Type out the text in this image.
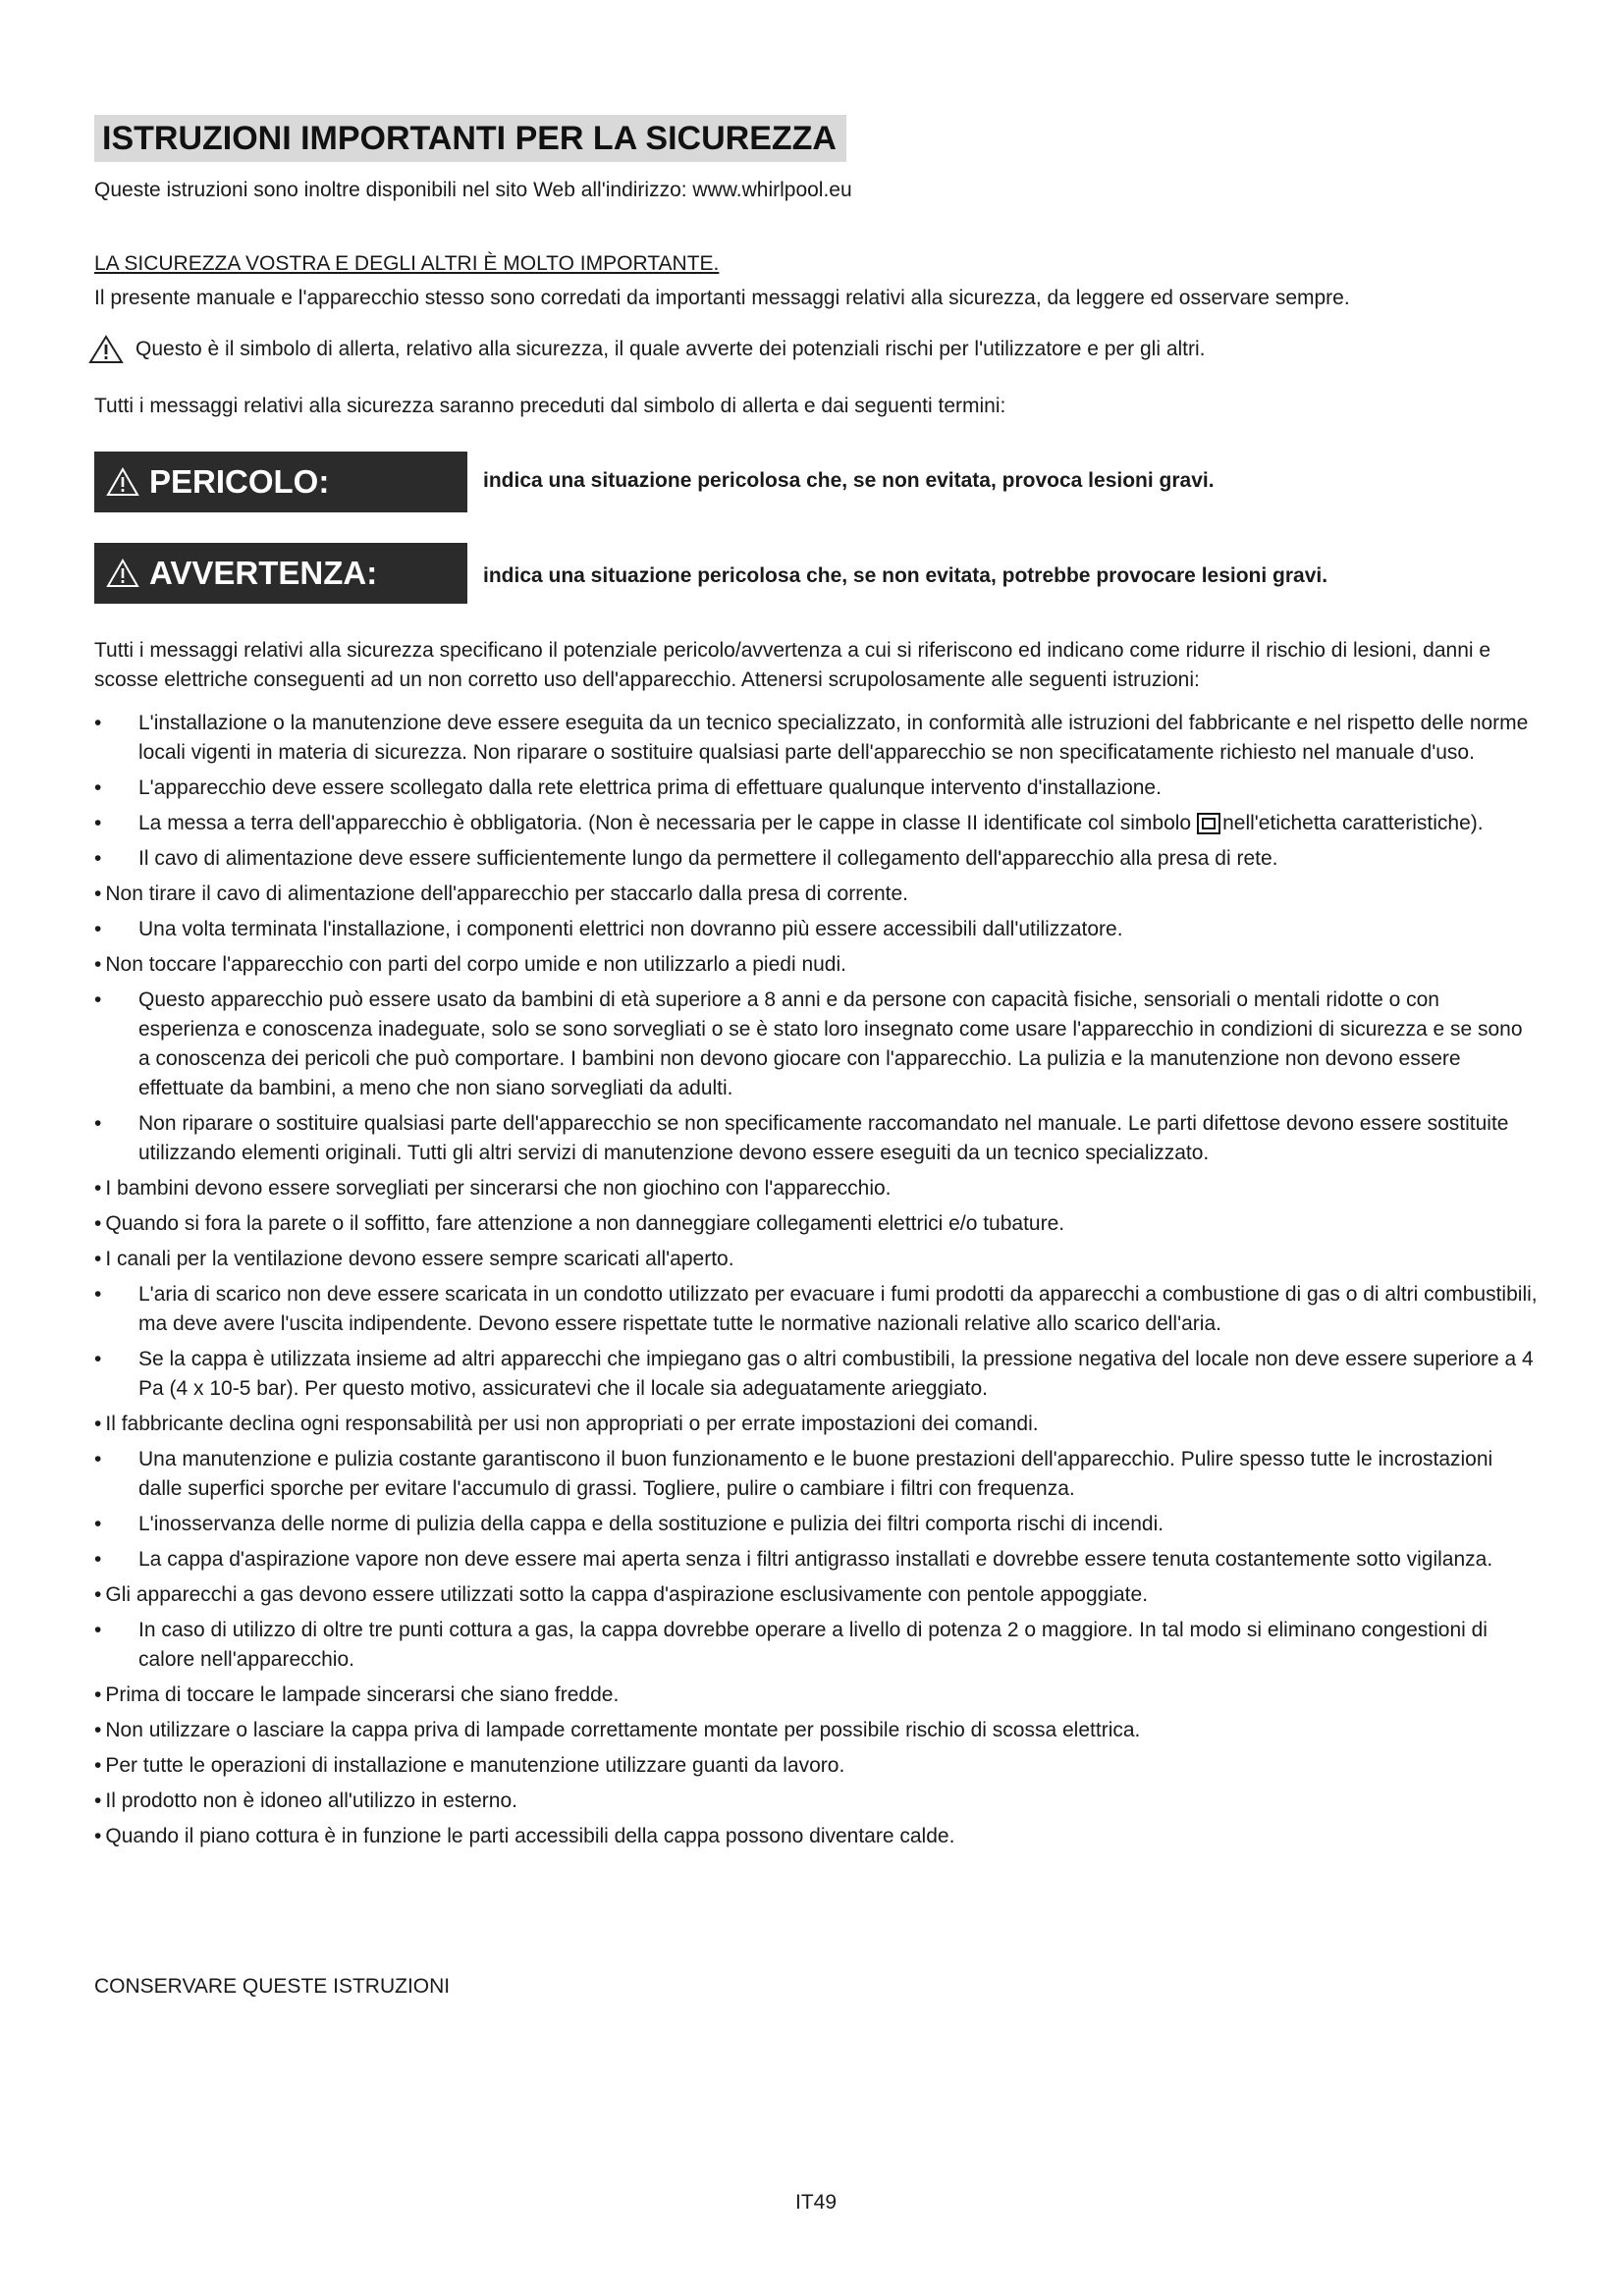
ISTRUZIONI IMPORTANTI PER LA SICUREZZA
Queste istruzioni sono inoltre disponibili nel sito Web all'indirizzo: www.whirlpool.eu
LA SICUREZZA VOSTRA E DEGLI ALTRI È MOLTO IMPORTANTE.
Il presente manuale e l'apparecchio stesso sono corredati da importanti messaggi relativi alla sicurezza, da leggere ed osservare sempre.
Questo è il simbolo di allerta, relativo alla sicurezza, il quale avverte dei potenziali rischi per l'utilizzatore e per gli altri.
Tutti i messaggi relativi alla sicurezza saranno preceduti dal simbolo di allerta e dai seguenti termini:
PERICOLO:	indica una situazione pericolosa che, se non evitata, provoca lesioni gravi.
AVVERTENZA:	indica una situazione pericolosa che, se non evitata, potrebbe provocare lesioni gravi.
Tutti i messaggi relativi alla sicurezza specificano il potenziale pericolo/avvertenza a cui si riferiscono ed indicano come ridurre il rischio di lesioni, danni e scosse elettriche conseguenti ad un non corretto uso dell'apparecchio. Attenersi scrupolosamente alle seguenti istruzioni:
• L'installazione o la manutenzione deve essere eseguita da un tecnico specializzato, in conformità alle istruzioni del fabbricante e nel rispetto delle norme locali vigenti in materia di sicurezza. Non riparare o sostituire qualsiasi parte dell'apparecchio se non specificatamente richiesto nel manuale d'uso.
• L'apparecchio deve essere scollegato dalla rete elettrica prima di effettuare qualunque intervento d'installazione.
• La messa a terra dell'apparecchio è obbligatoria. (Non è necessaria per le cappe in classe II identificate col simbolo nell'etichetta caratteristiche).
• Il cavo di alimentazione deve essere sufficientemente lungo da permettere il collegamento dell'apparecchio alla presa di rete.
• Non tirare il cavo di alimentazione dell'apparecchio per staccarlo dalla presa di corrente.
• Una volta terminata l'installazione, i componenti elettrici non dovranno più essere accessibili dall'utilizzatore.
• Non toccare l'apparecchio con parti del corpo umide e non utilizzarlo a piedi nudi.
• Questo apparecchio può essere usato da bambini di età superiore a 8 anni e da persone con capacità fisiche, sensoriali o mentali ridotte o con esperienza e conoscenza inadeguate, solo se sono sorvegliati o se è stato loro insegnato come usare l'apparecchio in condizioni di sicurezza e se sono a conoscenza dei pericoli che può comportare. I bambini non devono giocare con l'apparecchio. La pulizia e la manutenzione non devono essere effettuate da bambini, a meno che non siano sorvegliati da adulti.
• Non riparare o sostituire qualsiasi parte dell'apparecchio se non specificamente raccomandato nel manuale. Le parti difettose devono essere sostituite utilizzando elementi originali. Tutti gli altri servizi di manutenzione devono essere eseguiti da un tecnico specializzato.
• I bambini devono essere sorvegliati per sincerarsi che non giochino con l'apparecchio.
• Quando si fora la parete o il soffitto, fare attenzione a non danneggiare collegamenti elettrici e/o tubature.
• I canali per la ventilazione devono essere sempre scaricati all'aperto.
• L'aria di scarico non deve essere scaricata in un condotto utilizzato per evacuare i fumi prodotti da apparecchi a combustione di gas o di altri combustibili, ma deve avere l'uscita indipendente. Devono essere rispettate tutte le normative nazionali relative allo scarico dell'aria.
• Se la cappa è utilizzata insieme ad altri apparecchi che impiegano gas o altri combustibili, la pressione negativa del locale non deve essere superiore a 4 Pa (4 x 10-5 bar). Per questo motivo, assicuratevi che il locale sia adeguatamente arieggiato.
• Il fabbricante declina ogni responsabilità per usi non appropriati o per errate impostazioni dei comandi.
• Una manutenzione e pulizia costante garantiscono il buon funzionamento e le buone prestazioni dell'apparecchio. Pulire spesso tutte le incrostazioni dalle superfici sporche per evitare l'accumulo di grassi. Togliere, pulire o cambiare i filtri con frequenza.
• L'inosservanza delle norme di pulizia della cappa e della sostituzione e pulizia dei filtri comporta rischi di incendi.
• La cappa d'aspirazione vapore non deve essere mai aperta senza i filtri antigrasso installati e dovrebbe essere tenuta costantemente sotto vigilanza.
• Gli apparecchi a gas devono essere utilizzati sotto la cappa d'aspirazione esclusivamente con pentole appoggiate.
• In caso di utilizzo di oltre tre punti cottura a gas, la cappa dovrebbe operare a livello di potenza 2 o maggiore. In tal modo si eliminano congestioni di calore nell'apparecchio.
• Prima di toccare le lampade sincerarsi che siano fredde.
• Non utilizzare o lasciare la cappa priva di lampade correttamente montate per possibile rischio di scossa elettrica.
• Per tutte le operazioni di installazione e manutenzione utilizzare guanti da lavoro.
• Il prodotto non è idoneo all'utilizzo in esterno.
• Quando il piano cottura è in funzione le parti accessibili della cappa possono diventare calde.
CONSERVARE QUESTE ISTRUZIONI
IT49
